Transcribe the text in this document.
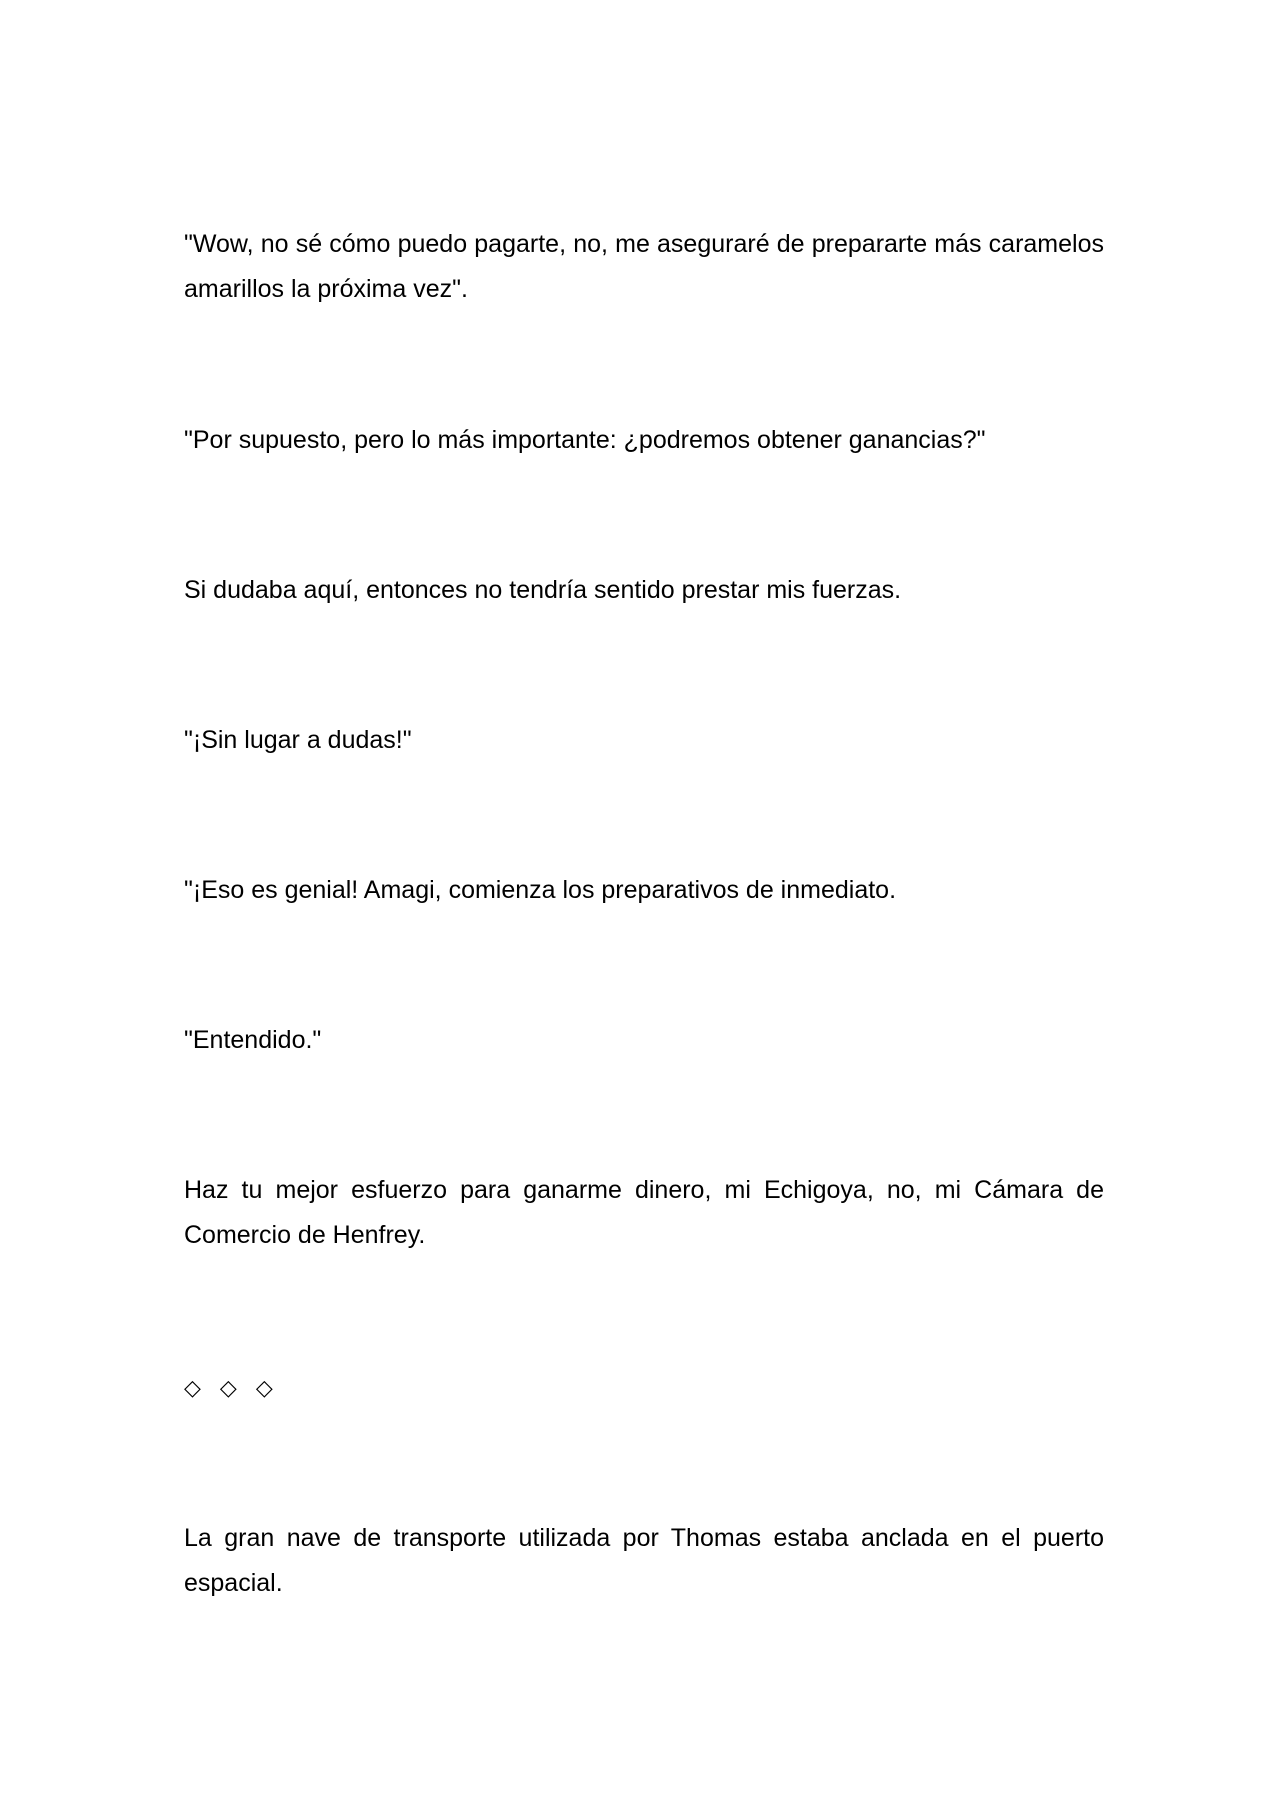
"Wow, no sé cómo puedo pagarte, no, me aseguraré de prepararte más caramelos amarillos la próxima vez".

"Por supuesto, pero lo más importante: ¿podremos obtener ganancias?"

Si dudaba aquí, entonces no tendría sentido prestar mis fuerzas.

"¡Sin lugar a dudas!"

"¡Eso es genial! Amagi, comienza los preparativos de inmediato.

"Entendido."

Haz tu mejor esfuerzo para ganarme dinero, mi Echigoya, no, mi Cámara de Comercio de Henfrey.

◇ ◇ ◇

La gran nave de transporte utilizada por Thomas estaba anclada en el puerto espacial.
